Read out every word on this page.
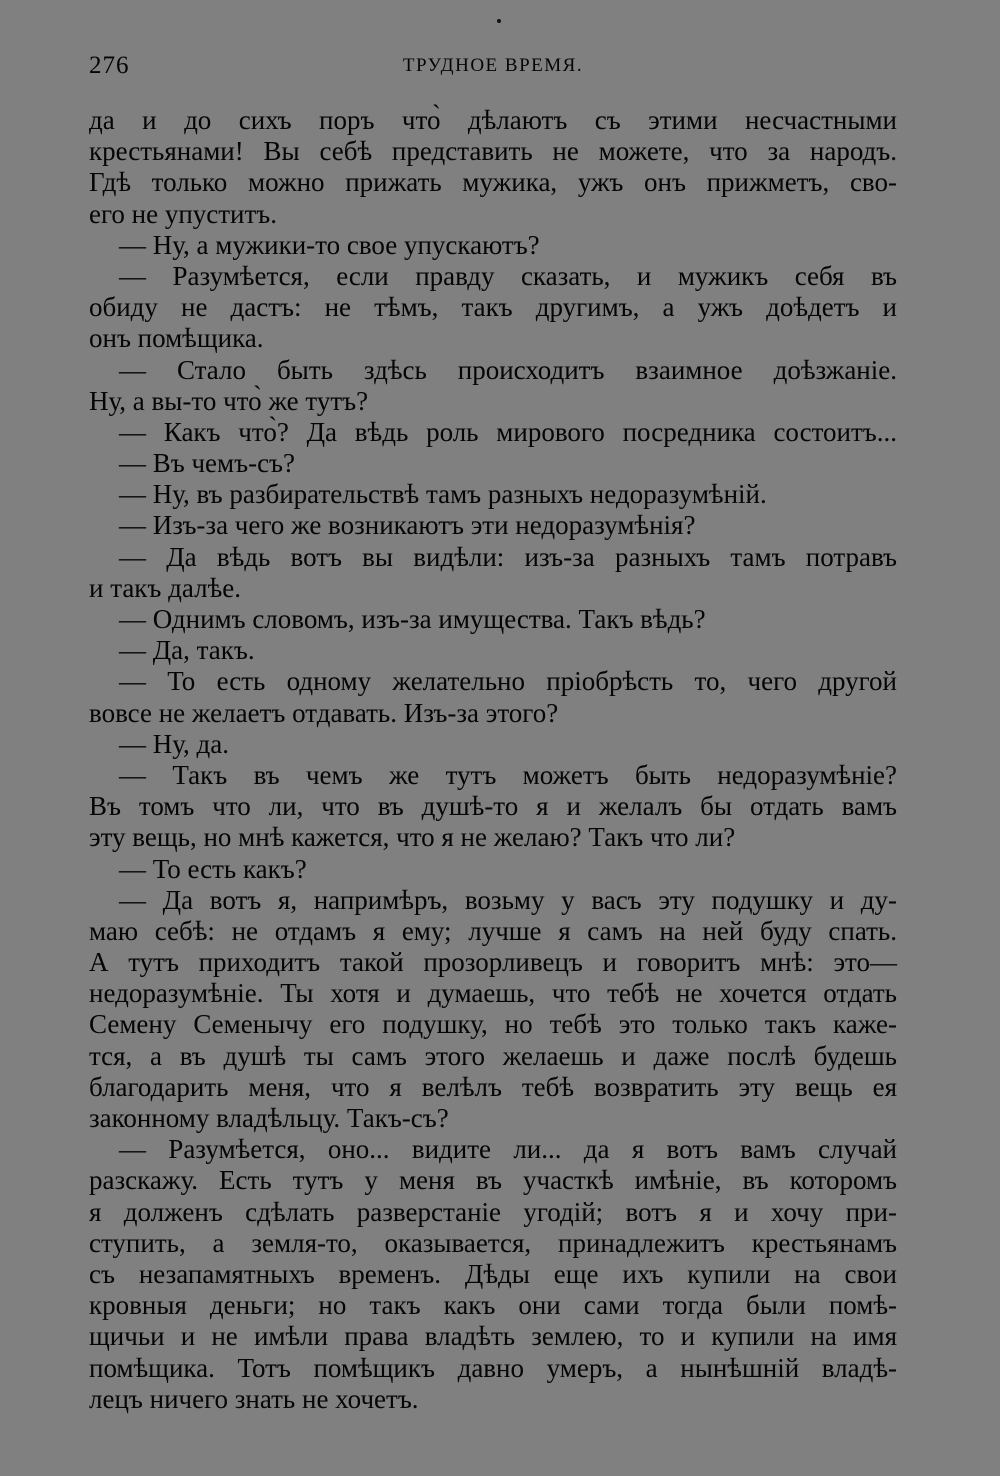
276	ТРУДНОЕ ВРЕМЯ.
да и до сихъ поръ что̀ дѣлаютъ съ этими несчастными
крестьянами! Вы себѣ представить не можете, что за народъ.
Гдѣ только можно прижать мужика, ужъ онъ прижметъ, сво-
его не упуститъ.
— Ну, а мужики-то свое упускаютъ?
— Разумѣется, если правду сказать, и мужикъ себя въ
обиду не дастъ: не тѣмъ, такъ другимъ, а ужъ доѣдетъ и
онъ помѣщика.
— Стало быть здѣсь происходитъ взаимное доѣзжаніе.
Ну, а вы-то что̀ же тутъ?
— Какъ что̀? Да вѣдь роль мирового посредника состоитъ...
— Въ чемъ-съ?
— Ну, въ разбирательствѣ тамъ разныхъ недоразумѣній.
— Изъ-за чего же возникаютъ эти недоразумѣнія?
— Да вѣдь вотъ вы видѣли: изъ-за разныхъ тамъ потравъ
и такъ далѣе.
— Однимъ словомъ, изъ-за имущества. Такъ вѣдь?
— Да, такъ.
— То есть одному желательно пріобрѣсть то, чего другой
вовсе не желаетъ отдавать. Изъ-за этого?
— Ну, да.
— Такъ въ чемъ же тутъ можетъ быть недоразумѣніе?
Въ томъ что ли, что въ душѣ-то я и желалъ бы отдать вамъ
эту вещь, но мнѣ кажется, что я не желаю? Такъ что ли?
— То есть какъ?
— Да вотъ я, напримѣръ, возьму у васъ эту подушку и ду-
маю себѣ: не отдамъ я ему; лучше я самъ на ней буду спать.
А тутъ приходитъ такой прозорливецъ и говоритъ мнѣ: это—
недоразумѣніе. Ты хотя и думаешь, что тебѣ не хочется отдать
Семену Семенычу его подушку, но тебѣ это только такъ каже-
тся, а въ душѣ ты самъ этого желаешь и даже послѣ будешь
благодарить меня, что я велѣлъ тебѣ возвратить эту вещь ея
законному владѣльцу. Такъ-съ?
— Разумѣется, оно... видите ли... да я вотъ вамъ случай
разскажу. Есть тутъ у меня въ участкѣ имѣніе, въ которомъ
я долженъ сдѣлать разверстаніе угодій; вотъ я и хочу при-
ступить, а земля-то, оказывается, принадлежитъ крестьянамъ
съ незапамятныхъ временъ. Дѣды еще ихъ купили на свои
кровныя деньги; но такъ какъ они сами тогда были помѣ-
щичьи и не имѣли права владѣть землею, то и купили на имя
помѣщика. Тотъ помѣщикъ давно умеръ, а нынѣшній владѣ-
лецъ ничего знать не хочетъ.
